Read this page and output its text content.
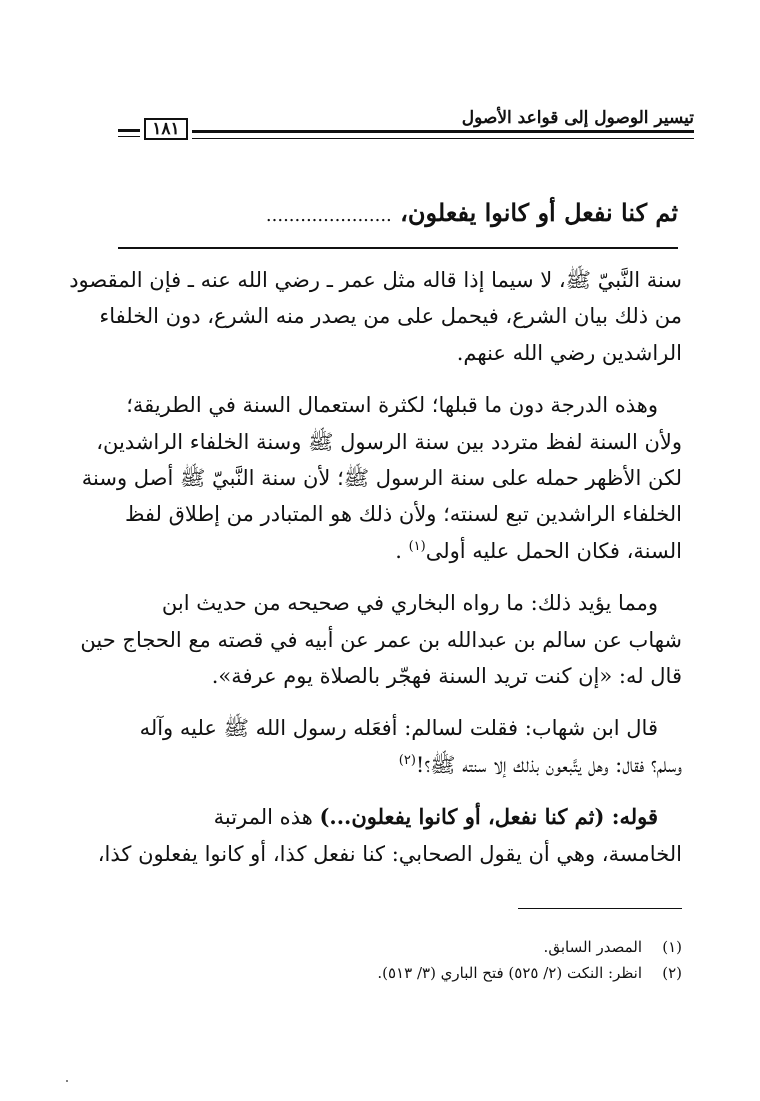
تيسير الوصول إلى قواعد الأصول
١٨١
ثم كنا نفعل أو كانوا يفعلون، ......................

سنة النَّبيّ ﷺ، لا سيما إذا قاله مثل عمر ـ رضي الله عنه ـ فإن المقصود
من ذلك بيان الشرع، فيحمل على من يصدر منه الشرع، دون الخلفاء
الراشدين رضي الله عنهم.

وهذه الدرجة دون ما قبلها؛ لكثرة استعمال السنة في الطريقة؛
ولأن السنة لفظ متردد بين سنة الرسول ﷺ وسنة الخلفاء الراشدين،
لكن الأظهر حمله على سنة الرسول ﷺ؛ لأن سنة النَّبيّ ﷺ أصل وسنة
الخلفاء الراشدين تبع لسنته؛ ولأن ذلك هو المتبادر من إطلاق لفظ
السنة، فكان الحمل عليه أولى$^{(١)}$ .

ومما يؤيد ذلك: ما رواه البخاري في صحيحه من حديث ابن
شهاب عن سالم بن عبدالله بن عمر عن أبيه في قصته مع الحجاج حين
قال له: «إن كنت تريد السنة فهجّر بالصلاة يوم عرفة».

قال ابن شهاب: فقلت لسالم: أفعَله رسول الله ﷺ عليه وآله
وسلم؟ فقال: وهل يتَّبعون بذلك إلا سنته ﷺ؟!$^{(٢)}$

قوله: (ثم كنا نفعل، أو كانوا يفعلون...) هذه المرتبة
الخامسة، وهي أن يقول الصحابي: كنا نفعل كذا، أو كانوا يفعلون كذا،

(١)المصدر السابق.
(٢)انظر: النكت (٢/ ٥٢٥) فتح الباري (٣/ ٥١٣).
